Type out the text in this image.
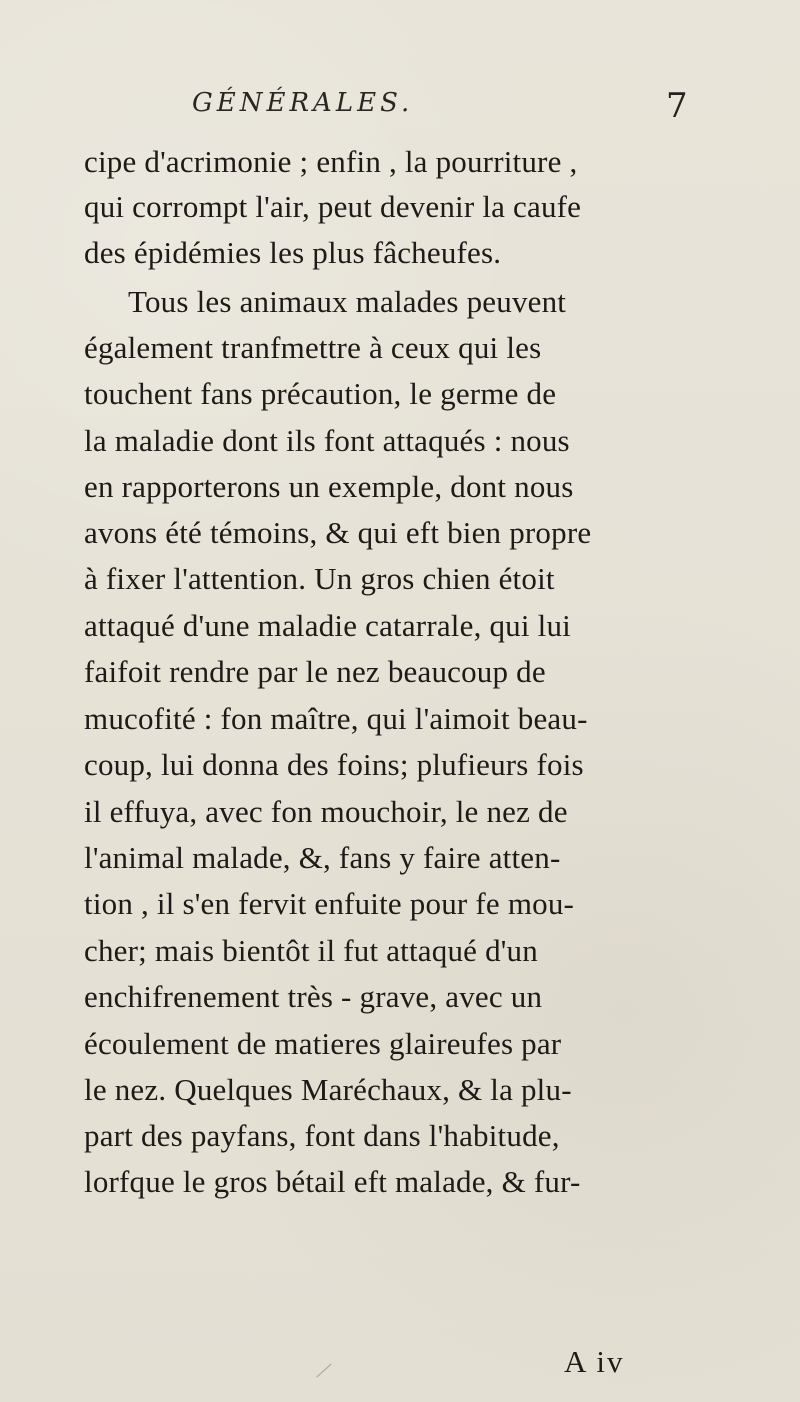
GÉNÉRALES.	7
cipe d'acrimonie ; enfin , la pourriture ,
qui corrompt l'air, peut devenir la caufe
des épidémies les plus fâcheufes.
Tous les animaux malades peuvent
également tranfmettre à ceux qui les
touchent fans précaution, le germe de
la maladie dont ils font attaqués : nous
en rapporterons un exemple, dont nous
avons été témoins, & qui eft bien propre
à fixer l'attention. Un gros chien étoit
attaqué d'une maladie catarrale, qui lui
faifoit rendre par le nez beaucoup de
mucofité : fon maître, qui l'aimoit beau-
coup, lui donna des foins; plufieurs fois
il effuya, avec fon mouchoir, le nez de
l'animal malade, &, fans y faire atten-
tion , il s'en fervit enfuite pour fe mou-
cher; mais bientôt il fut attaqué d'un
enchifrenement très - grave, avec un
écoulement de matieres glaireufes par
le nez. Quelques Maréchaux, & la plu-
part des payfans, font dans l'habitude,
lorfque le gros bétail eft malade, & fur-
A iv
